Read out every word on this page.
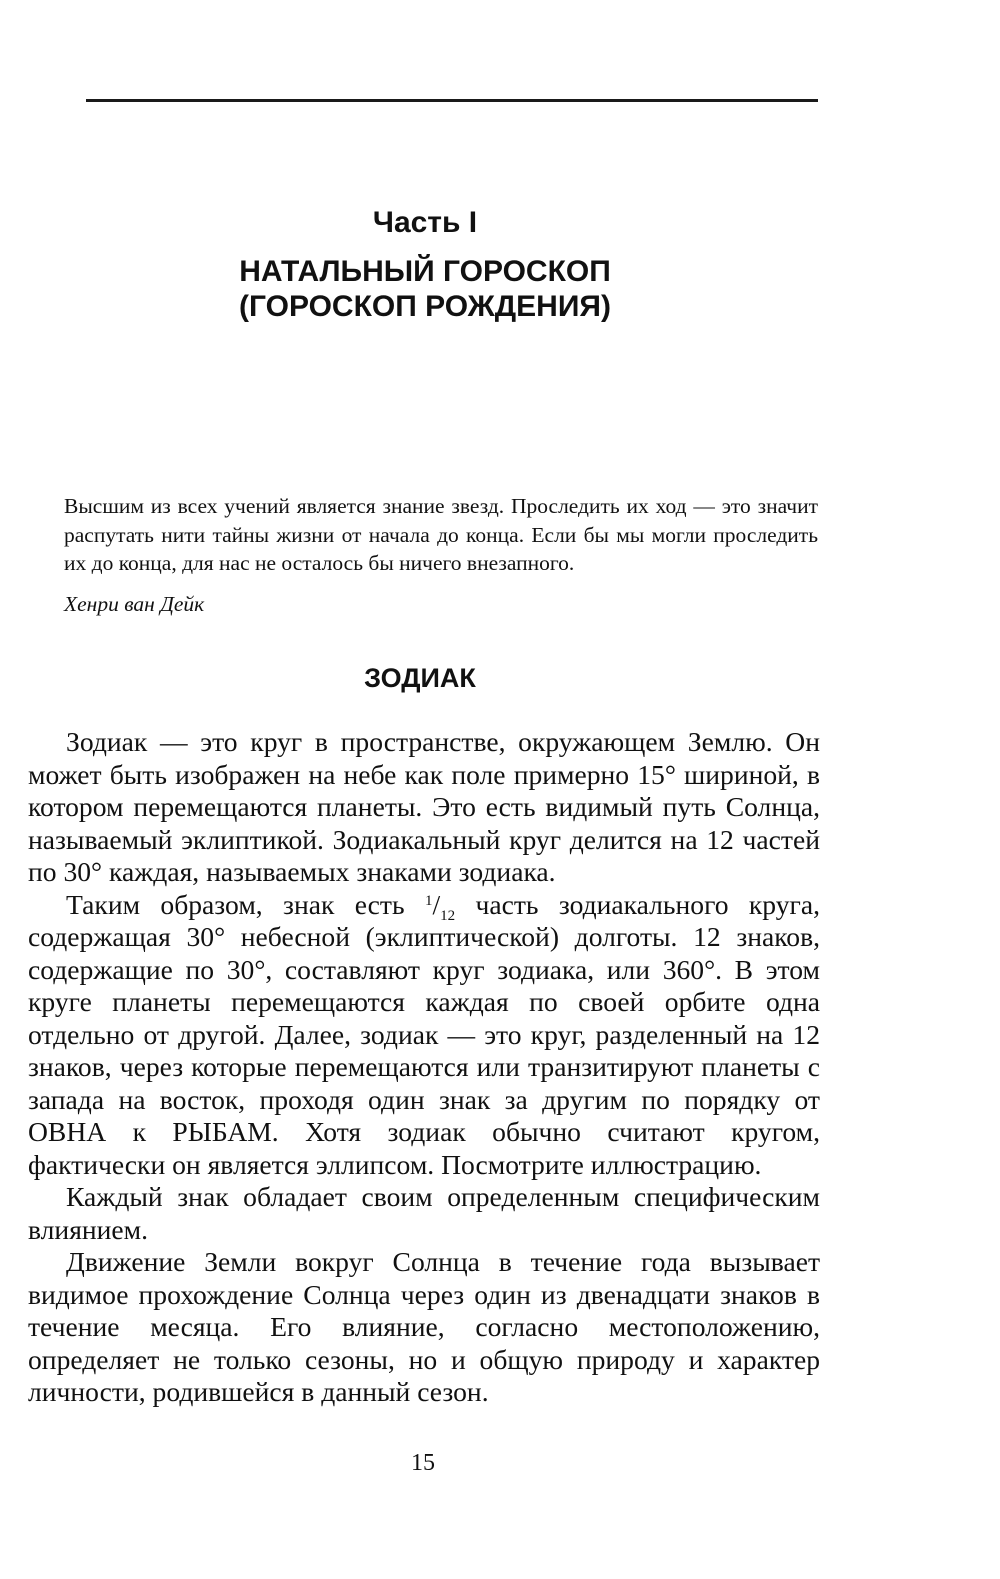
Часть I
НАТАЛЬНЫЙ ГОРОСКОП
(ГОРОСКОП РОЖДЕНИЯ)

Высшим из всех учений является знание звезд. Проследить их ход — это значит распутать нити тайны жизни от начала до конца. Если бы мы могли проследить их до конца, для нас не осталось бы ничего внезапного.

Хенри ван Дейк

ЗОДИАК

Зодиак — это круг в пространстве, окружающем Землю. Он может быть изображен на небе как поле примерно 15° шириной, в котором перемещаются планеты. Это есть видимый путь Солнца, называемый эклиптикой. Зодиакальный круг делится на 12 частей по 30° каждая, называемых знаками зодиака.

Таким образом, знак есть $^1/_{12}$ часть зодиакального круга, содержащая 30° небесной (эклиптической) долготы. 12 знаков, содержащие по 30°, составляют круг зодиака, или 360°. В этом круге планеты перемещаются каждая по своей орбите одна отдельно от другой. Далее, зодиак — это круг, разделенный на 12 знаков, через которые перемещаются или транзитируют планеты с запада на восток, проходя один знак за другим по порядку от ОВНА к РЫБАМ. Хотя зодиак обычно считают кругом, фактически он является эллипсом. Посмотрите иллюстрацию.

Каждый знак обладает своим определенным специфическим влиянием.

Движение Земли вокруг Солнца в течение года вызывает видимое прохождение Солнца через один из двенадцати знаков в течение месяца. Его влияние, согласно местоположению, определяет не только сезоны, но и общую природу и характер личности, родившейся в данный сезон.

15
